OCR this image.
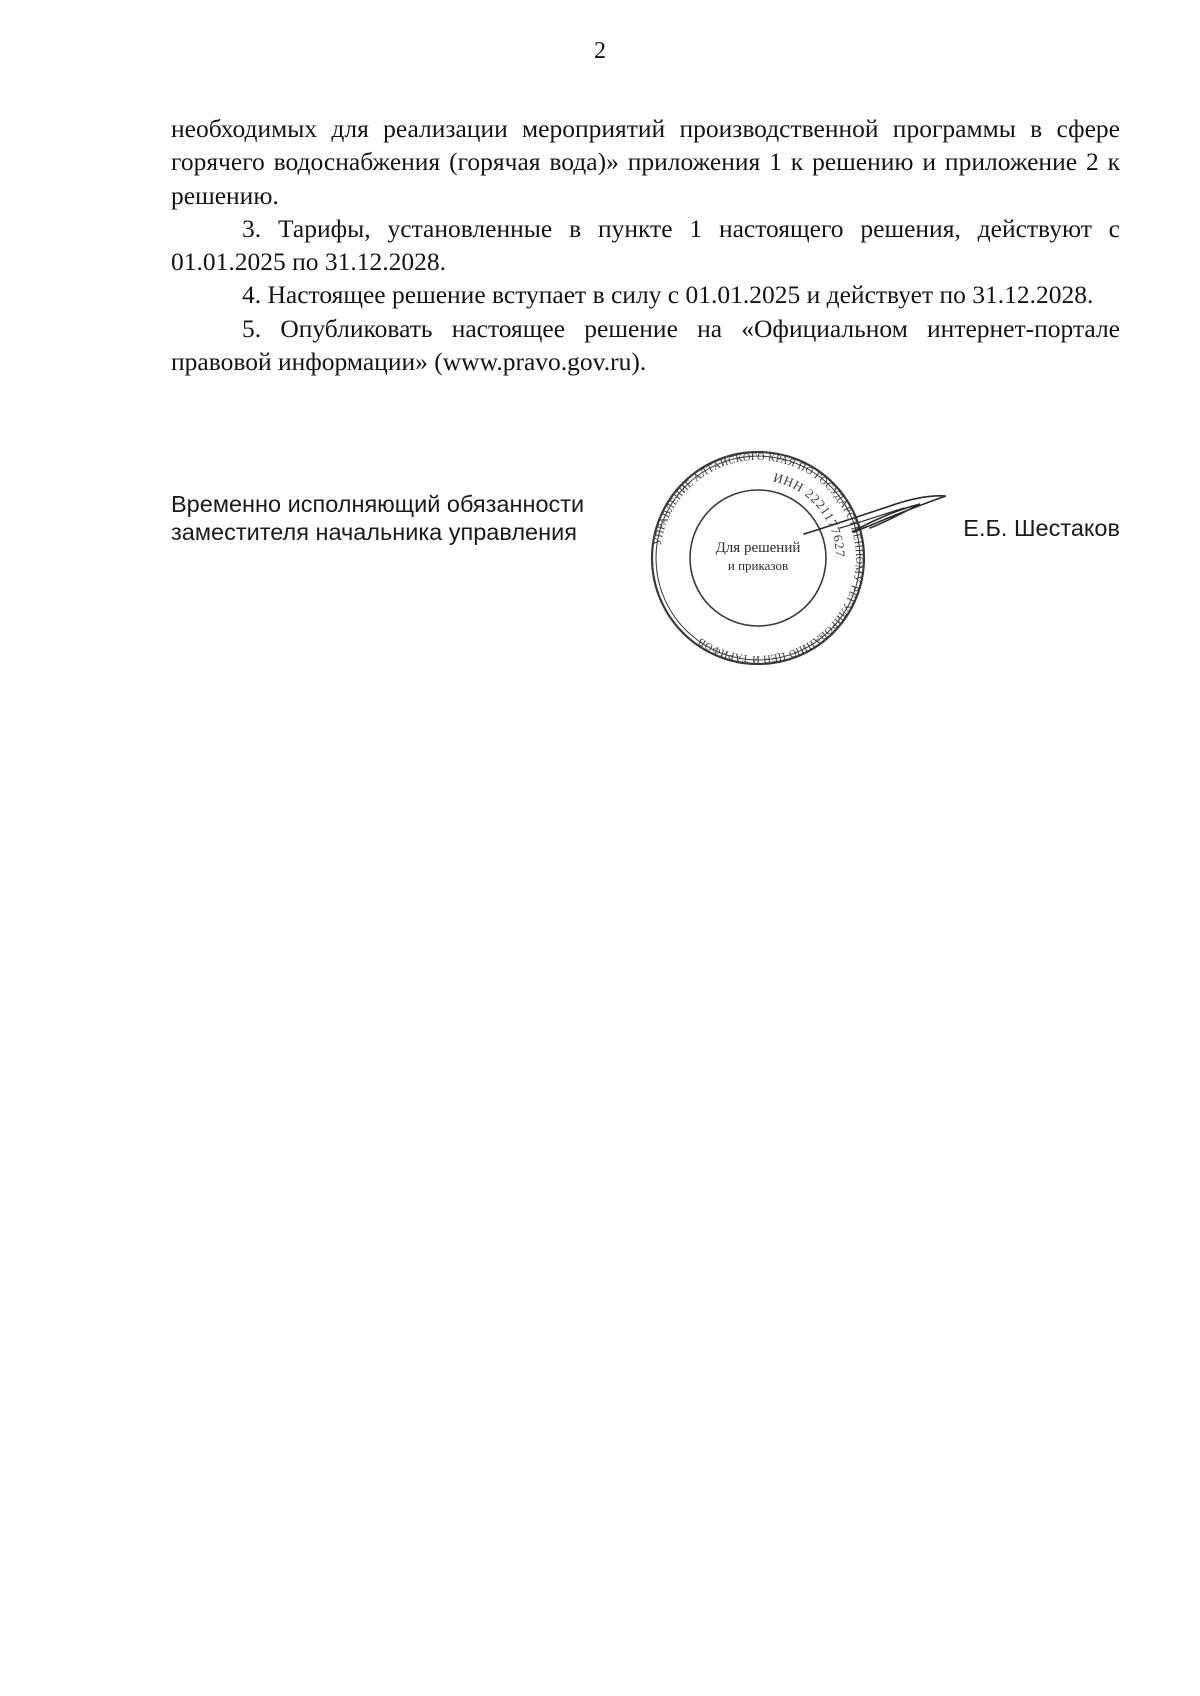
2

необходимых для реализации мероприятий производственной программы в сфере горячего водоснабжения (горячая вода)» приложения 1 к решению и приложение 2 к решению.

3. Тарифы, установленные в пункте 1 настоящего решения, действуют с 01.01.2025 по 31.12.2028.

4. Настоящее решение вступает в силу с 01.01.2025 и действует по 31.12.2028.

5. Опубликовать настоящее решение на «Официальном интернет-портале правовой информации» (www.pravo.gov.ru).

Временно исполняющий обязанности
заместителя начальника управления	Е.Б. Шестаков
УПРАВЛЕНИЕ АЛТАЙСКОГО КРАЯ ПО ГОСУДАРСТВЕННОМУ РЕГУЛИРОВАНИЮ ЦЕН И ТАРИФОВ
ИНН 2221177627
Для решений
и приказов
